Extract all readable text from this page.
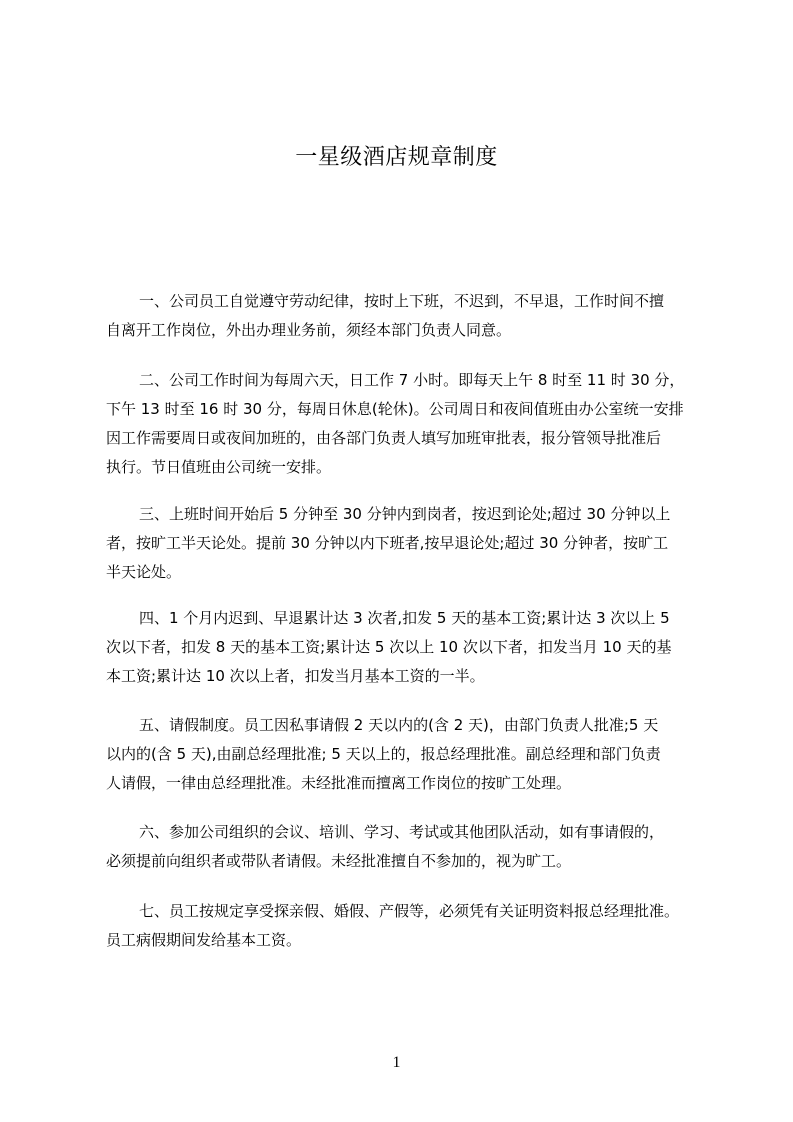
一星级酒店规章制度
一、公司员工自觉遵守劳动纪律，按时上下班，不迟到，不早退，工作时间不擅
自离开工作岗位，外出办理业务前，须经本部门负责人同意。
二、公司工作时间为每周六天，日工作 7 小时。即每天上午 8 时至 11 时 30 分，
下午 13 时至 16 时 30 分，每周日休息(轮休)。公司周日和夜间值班由办公室统一安排
因工作需要周日或夜间加班的，由各部门负责人填写加班审批表，报分管领导批准后
执行。节日值班由公司统一安排。
三、上班时间开始后 5 分钟至 30 分钟内到岗者，按迟到论处;超过 30 分钟以上
者，按旷工半天论处。提前 30 分钟以内下班者,按早退论处;超过 30 分钟者，按旷工
半天论处。
四、1 个月内迟到、早退累计达 3 次者,扣发 5 天的基本工资;累计达 3 次以上 5
次以下者，扣发 8 天的基本工资;累计达 5 次以上 10 次以下者，扣发当月 10 天的基
本工资;累计达 10 次以上者，扣发当月基本工资的一半。
五、请假制度。员工因私事请假 2 天以内的(含 2 天)，由部门负责人批准;5 天
以内的(含 5 天),由副总经理批准; 5 天以上的，报总经理批准。副总经理和部门负责
人请假，一律由总经理批准。未经批准而擅离工作岗位的按旷工处理。
六、参加公司组织的会议、培训、学习、考试或其他团队活动，如有事请假的，
必须提前向组织者或带队者请假。未经批准擅自不参加的，视为旷工。
七、员工按规定享受探亲假、婚假、产假等，必须凭有关证明资料报总经理批准。
员工病假期间发给基本工资。
1
